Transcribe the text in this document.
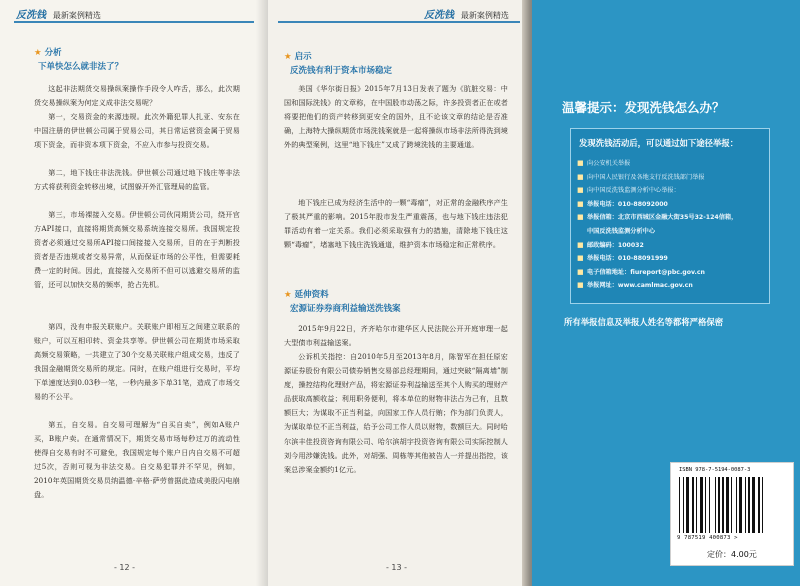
反洗钱 最新案例精选
★ 分析
下单快怎么就非法了？
这起非法期货交易操纵案操作手段令人咋舌，那么，此次期货交易操纵案为何定义成非法交易呢？
第一，交易资金的来源违规。此次外籍犯罪人扎亚、安东在中国注册的伊世顿公司属于贸易公司，其日常运营资金属于贸易项下资金，而非资本项下资金，不应入市参与投资交易。
第二，地下钱庄非法洗钱。伊世顿公司通过地下钱庄等非法方式将获利资金转移出境，试图躲开外汇管理局的监管。
第三，市场裸接入交易。伊世顿公司伙同期货公司，绕开官方API接口，直接将期货高频交易系统连接交易所。我国规定投资者必须通过交易所API接口间接接入交易所，目的在于判断投资者是否违规或者交易异常，从而保证市场的公平性，但需要耗费一定的时间。因此，直接接入交易所不但可以逃避交易所的监管，还可以加快交易的频率，抢占先机。
第四，没有申报关联账户。关联账户即相互之间建立联系的账户，可以互相印转、资金共享等。伊世顿公司在期货市场采取高频交易策略，一共建立了30个交易关联账户组成交易，违反了我国金融期货交易所的规定。同时，在账户组进行交易时，平均下单速度达到0.03秒一笔，一秒内最多下单31笔，造成了市场交易的不公平。
第五，自交易。自交易可理解为“自买自卖”，例如A账户买，B账户卖。在通常情况下，期货交易市场每秒过万的流动性使得自交易有时不可避免，我国规定每个账户日内自交易不可超过5次，否则可视为非法交易。自交易犯罪并不罕见，例如，2010年英国期货交易员纳温德·辛格·萨劳曾据此造成美股闪电崩盘。
- 12 -
反洗钱 最新案例精选
★ 启示
反洗钱有利于资本市场稳定
美国《华尔街日报》2015年7月13日发表了题为《肮脏交易：中国和国际洗钱》的文章称，在中国股市动荡之际，许多投资者正在或者将要把他们的资产转移到更安全的国外，且不论该文章的结论是否准确，上海特大操纵期货市场洗钱案就是一起将操纵市场非法所得洗到境外的典型案例，这里“地下钱庄”又成了跨境洗钱的主要通道。
地下钱庄已成为经济生活中的一颗“毒瘤”，对正常的金融秩序产生了极其严重的影响。2015年股市发生严重震荡，也与地下钱庄违法犯罪活动有着一定关系。我们必须采取强有力的措施，清除地下钱庄这颗“毒瘤”，堵塞地下钱庄洗钱通道，维护资本市场稳定和正常秩序。
★ 延伸资料
宏源证券券商利益输送洗钱案
2015年9月22日，齐齐哈尔市建华区人民法院公开开庭审理一起大型债市利益输送案。
公诉机关指控：自2010年5月至2013年8月，陈智军在担任原宏源证券股份有限公司债券销售交易部总经理期间，通过突破“隔离墙”制度，操控结构化理财产品，将宏源证券利益输送至其个人购买的理财产品获取高额收益；利用职务便利，将本单位的财物非法占为己有，且数额巨大；为谋取不正当利益，向国家工作人员行贿；作为部门负责人，为谋取单位不正当利益，给予公司工作人员以财物，数额巨大。同时哈尔滨丰佳投资咨询有限公司、哈尔滨胡宇投资咨询有限公司实际控制人刘今用涉嫌洗钱。此外，对胡强、周栋等其他被告人一并提出指控，该案总涉案金额约1亿元。
- 13 -
温馨提示：发现洗钱怎么办？
发现洗钱活动后，可以通过如下途径举报：
■ 向公安机关举报
■ 向中国人民银行及各地支行反洗钱部门举报
■ 向中国反洗钱监测分析中心举报：
■ 举报电话：010-88092000
■ 举报信箱：北京市西城区金融大街35号32-124信箱，
中国反洗钱监测分析中心
■ 邮政编码：100032
■ 举报电话：010-88091999
■ 电子信箱地址：fiureport@pbc.gov.cn
■ 举报网址：www.camlmac.gov.cn
所有举报信息及举报人姓名等都将严格保密
ISBN 978-7-5194-0087-3
9 787519 400873 >
定价：4.00元
